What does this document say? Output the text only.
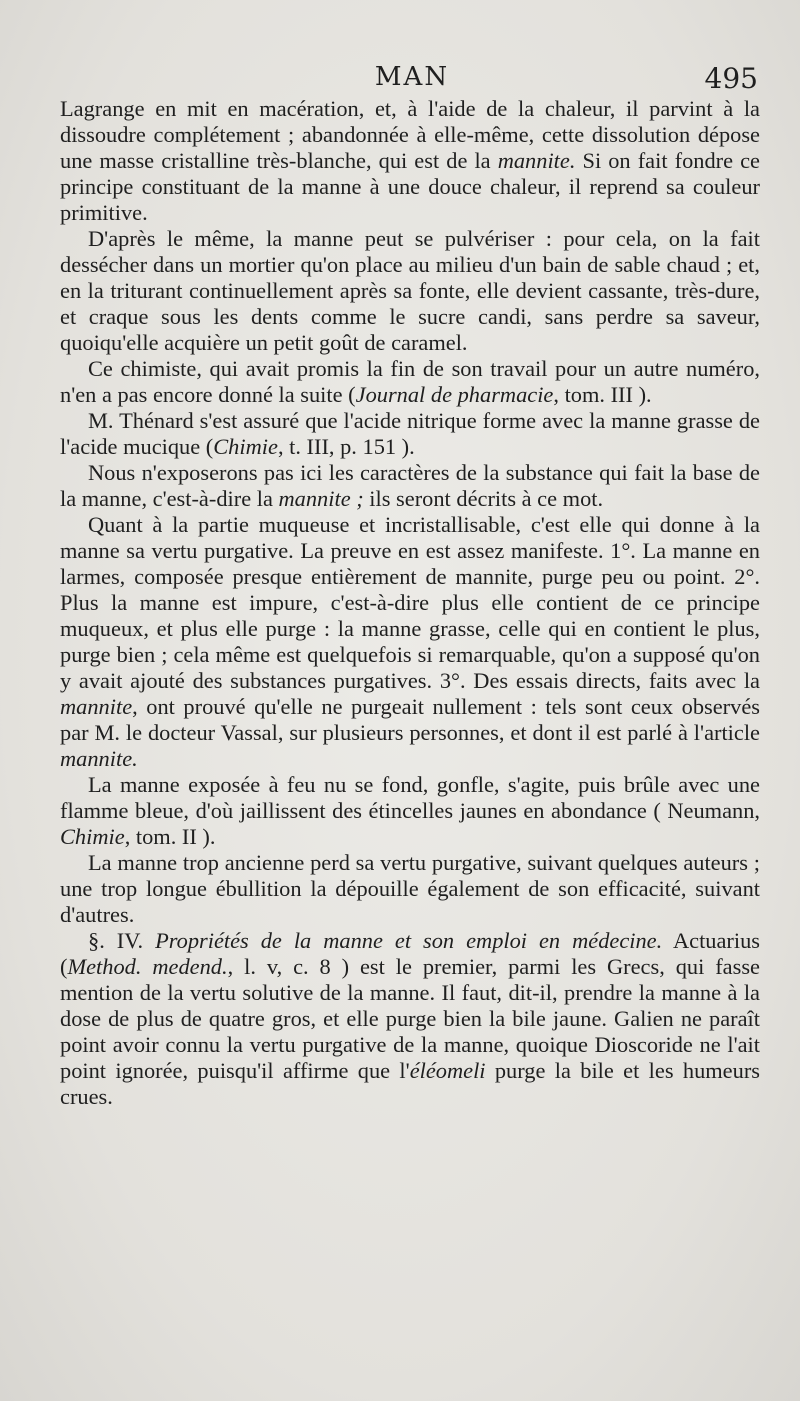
MAN	495

Lagrange en mit en macération, et, à l'aide de la chaleur, il parvint à la dissoudre complétement ; abandonnée à elle-même, cette dissolution dépose une masse cristalline très-blanche, qui est de la mannite. Si on fait fondre ce principe constituant de la manne à une douce chaleur, il reprend sa couleur primitive.

D'après le même, la manne peut se pulvériser : pour cela, on la fait dessécher dans un mortier qu'on place au milieu d'un bain de sable chaud ; et, en la triturant continuellement après sa fonte, elle devient cassante, très-dure, et craque sous les dents comme le sucre candi, sans perdre sa saveur, quoiqu'elle acquière un petit goût de caramel.

Ce chimiste, qui avait promis la fin de son travail pour un autre numéro, n'en a pas encore donné la suite (Journal de pharmacie, tom. III ).

M. Thénard s'est assuré que l'acide nitrique forme avec la manne grasse de l'acide mucique (Chimie, t. III, p. 151 ).

Nous n'exposerons pas ici les caractères de la substance qui fait la base de la manne, c'est-à-dire la mannite ; ils seront décrits à ce mot.

Quant à la partie muqueuse et incristallisable, c'est elle qui donne à la manne sa vertu purgative. La preuve en est assez manifeste. 1°. La manne en larmes, composée presque entièrement de mannite, purge peu ou point. 2°. Plus la manne est impure, c'est-à-dire plus elle contient de ce principe muqueux, et plus elle purge : la manne grasse, celle qui en contient le plus, purge bien ; cela même est quelquefois si remarquable, qu'on a supposé qu'on y avait ajouté des substances purgatives. 3°. Des essais directs, faits avec la mannite, ont prouvé qu'elle ne purgeait nullement : tels sont ceux observés par M. le docteur Vassal, sur plusieurs personnes, et dont il est parlé à l'article mannite.

La manne exposée à feu nu se fond, gonfle, s'agite, puis brûle avec une flamme bleue, d'où jaillissent des étincelles jaunes en abondance ( Neumann, Chimie, tom. II ).

La manne trop ancienne perd sa vertu purgative, suivant quelques auteurs ; une trop longue ébullition la dépouille également de son efficacité, suivant d'autres.

§. IV. Propriétés de la manne et son emploi en médecine. Actuarius (Method. medend., l. v, c. 8 ) est le premier, parmi les Grecs, qui fasse mention de la vertu solutive de la manne. Il faut, dit-il, prendre la manne à la dose de plus de quatre gros, et elle purge bien la bile jaune. Galien ne paraît point avoir connu la vertu purgative de la manne, quoique Dioscoride ne l'ait point ignorée, puisqu'il affirme que l'éléomeli purge la bile et les humeurs crues.
